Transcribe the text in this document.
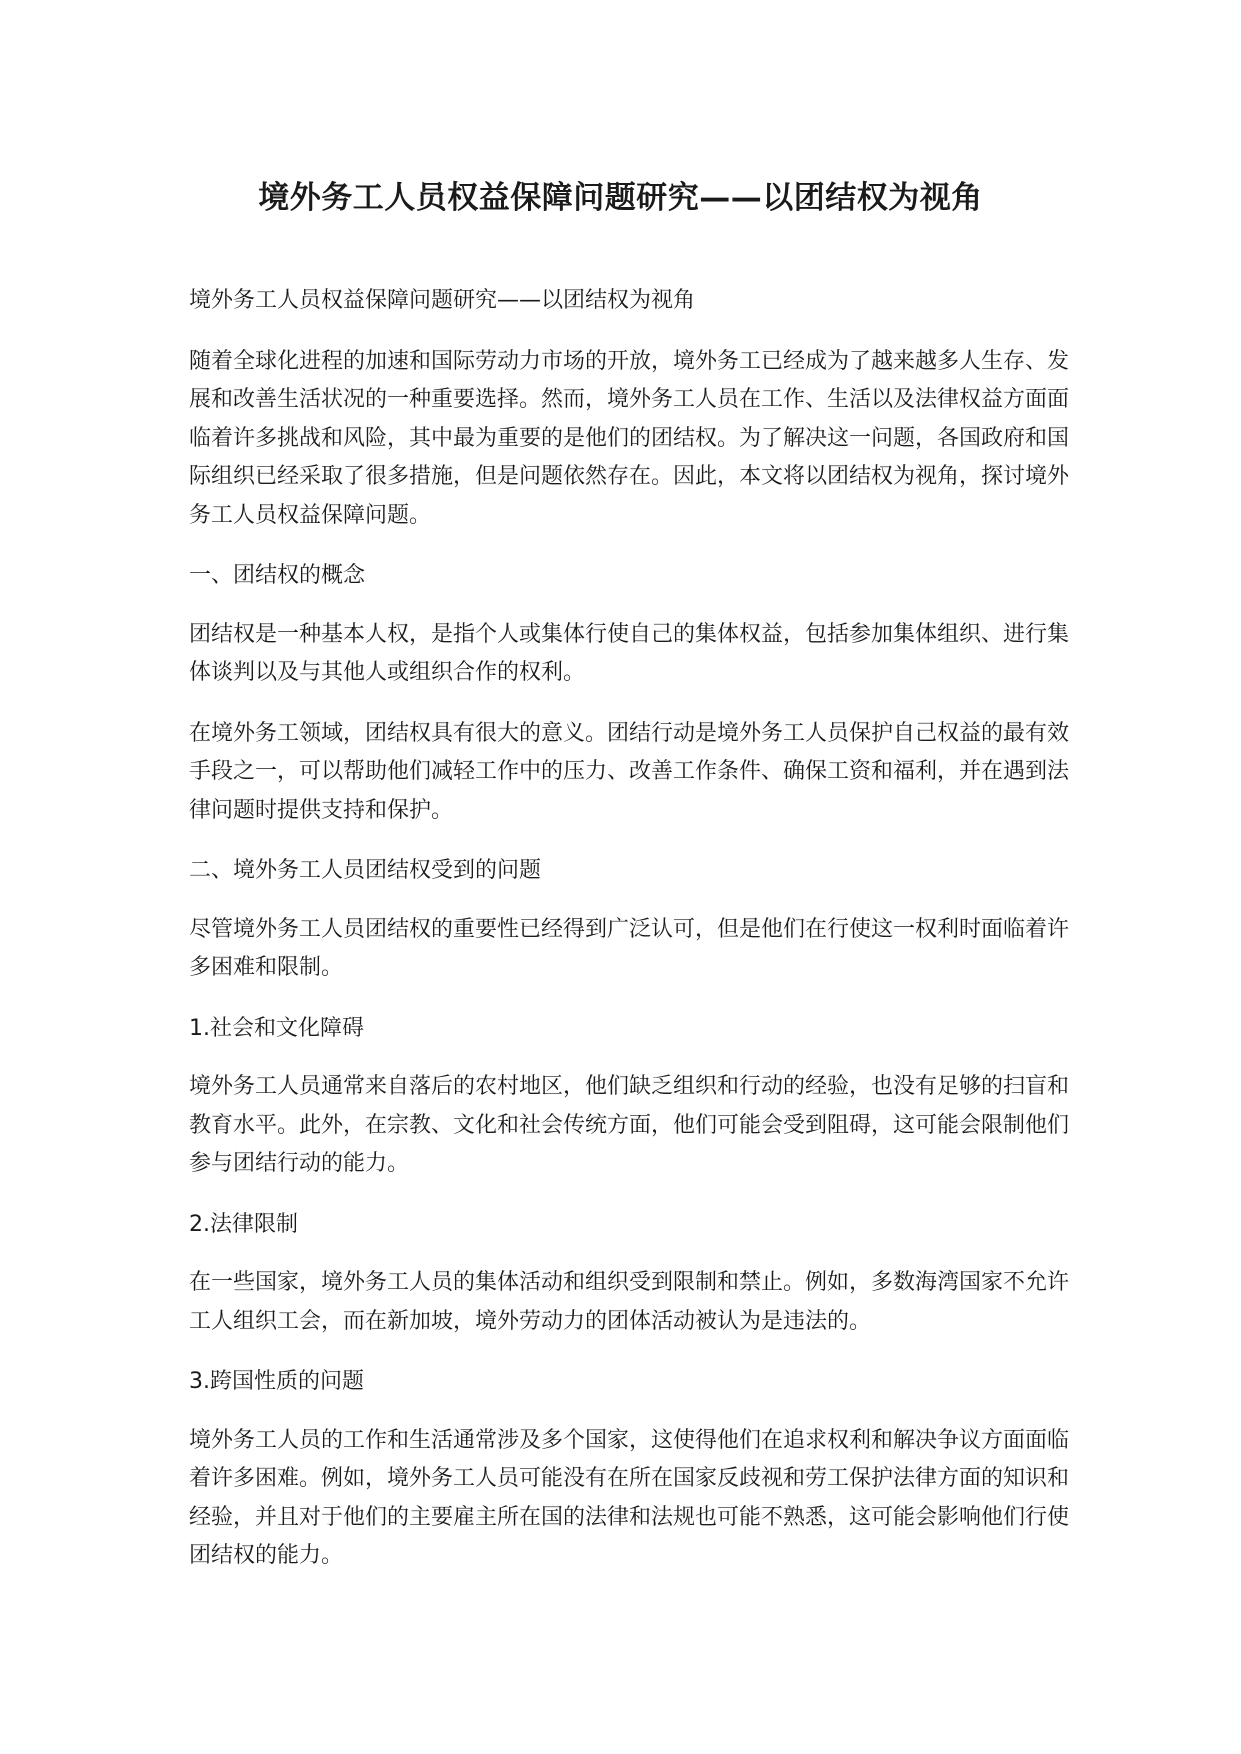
境外务工人员权益保障问题研究——以团结权为视角

境外务工人员权益保障问题研究——以团结权为视角

随着全球化进程的加速和国际劳动力市场的开放，境外务工已经成为了越来越多人生存、发展和改善生活状况的一种重要选择。然而，境外务工人员在工作、生活以及法律权益方面面临着许多挑战和风险，其中最为重要的是他们的团结权。为了解决这一问题，各国政府和国际组织已经采取了很多措施，但是问题依然存在。因此，本文将以团结权为视角，探讨境外务工人员权益保障问题。

一、团结权的概念

团结权是一种基本人权，是指个人或集体行使自己的集体权益，包括参加集体组织、进行集体谈判以及与其他人或组织合作的权利。

在境外务工领域，团结权具有很大的意义。团结行动是境外务工人员保护自己权益的最有效手段之一，可以帮助他们减轻工作中的压力、改善工作条件、确保工资和福利，并在遇到法律问题时提供支持和保护。

二、境外务工人员团结权受到的问题

尽管境外务工人员团结权的重要性已经得到广泛认可，但是他们在行使这一权利时面临着许多困难和限制。

1.社会和文化障碍

境外务工人员通常来自落后的农村地区，他们缺乏组织和行动的经验，也没有足够的扫盲和教育水平。此外，在宗教、文化和社会传统方面，他们可能会受到阻碍，这可能会限制他们参与团结行动的能力。

2.法律限制

在一些国家，境外务工人员的集体活动和组织受到限制和禁止。例如，多数海湾国家不允许工人组织工会，而在新加坡，境外劳动力的团体活动被认为是违法的。

3.跨国性质的问题

境外务工人员的工作和生活通常涉及多个国家，这使得他们在追求权利和解决争议方面面临着许多困难。例如，境外务工人员可能没有在所在国家反歧视和劳工保护法律方面的知识和经验，并且对于他们的主要雇主所在国的法律和法规也可能不熟悉，这可能会影响他们行使团结权的能力。
